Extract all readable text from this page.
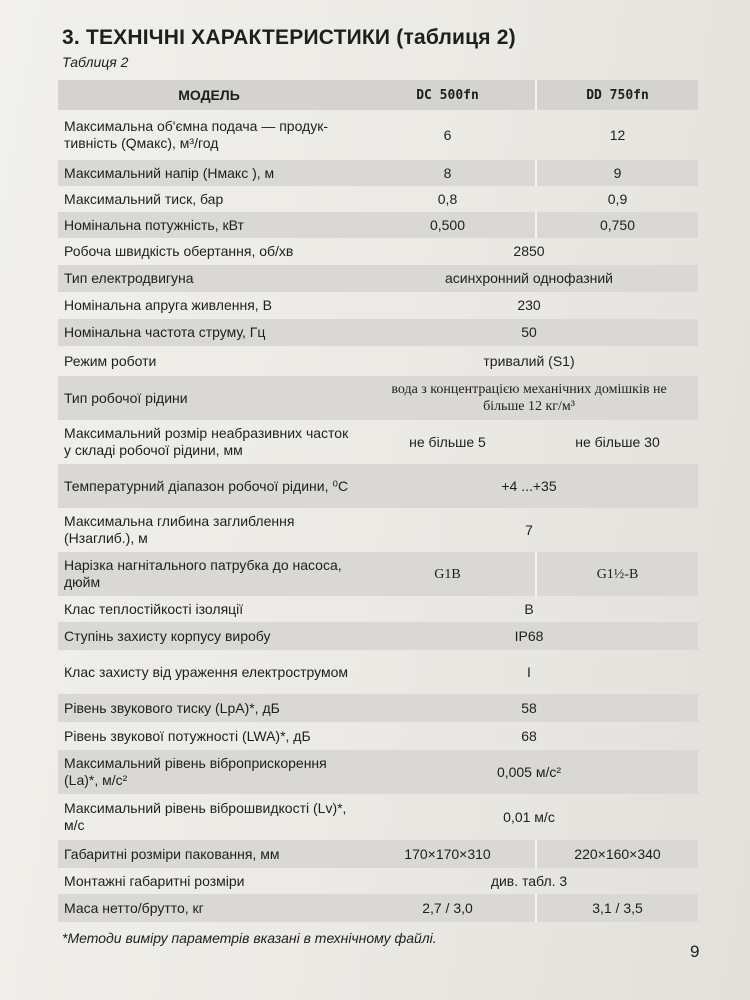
3. ТЕХНІЧНІ ХАРАКТЕРИСТИКИ (таблиця 2)
Таблиця 2
МОДЕЛЬ	DC 500fn	DD 750fn
Максимальна об'ємна подача — продук-тивність (Qмакс), м³/год	6	12
Максимальний напір (Нмакс ), м	8	9
Максимальний тиск, бар	0,8	0,9
Номінальна потужність, кВт	0,500	0,750
Робоча швидкість обертання, об/хв	2850	
Тип електродвигуна	асинхронний однофазний	
Номінальна апруга живлення, В	230	
Номінальна частота струму, Гц	50	
Режим роботи	тривалий (S1)	
Тип робочої рідини	вода з концентрацією механічних домішків не більше 12 кг/м³	
Максимальний розмір неабразивних часток у складі робочої рідини, мм	не більше 5	не більше 30
Температурний діапазон робочої рідини, ⁰С	+4 ...+35	
Максимальна глибина заглиблення (Нзаглиб.), м	7	
Нарізка нагнітального патрубка до насоса, дюйм	G1B	G1½-B
Клас теплостійкості ізоляції	B	
Ступінь захисту корпусу виробу	IP68	
Клас захисту від ураження електрострумом	I	
Рівень звукового тиску (LpA)*, дБ	58	
Рівень звукової потужності (LWA)*, дБ	68	
Максимальний рівень віброприскорення (La)*, м/с²	0,005 м/с²	
Максимальний рівень віброшвидкості (Lv)*, м/с	0,01 м/с	
Габаритні розміри паковання, мм	170×170×310	220×160×340
Монтажні габаритні розміри	див. табл. 3	
Маса нетто/брутто, кг	2,7 / 3,0	3,1 / 3,5
*Методи виміру параметрів вказані в технічному файлі.
9
